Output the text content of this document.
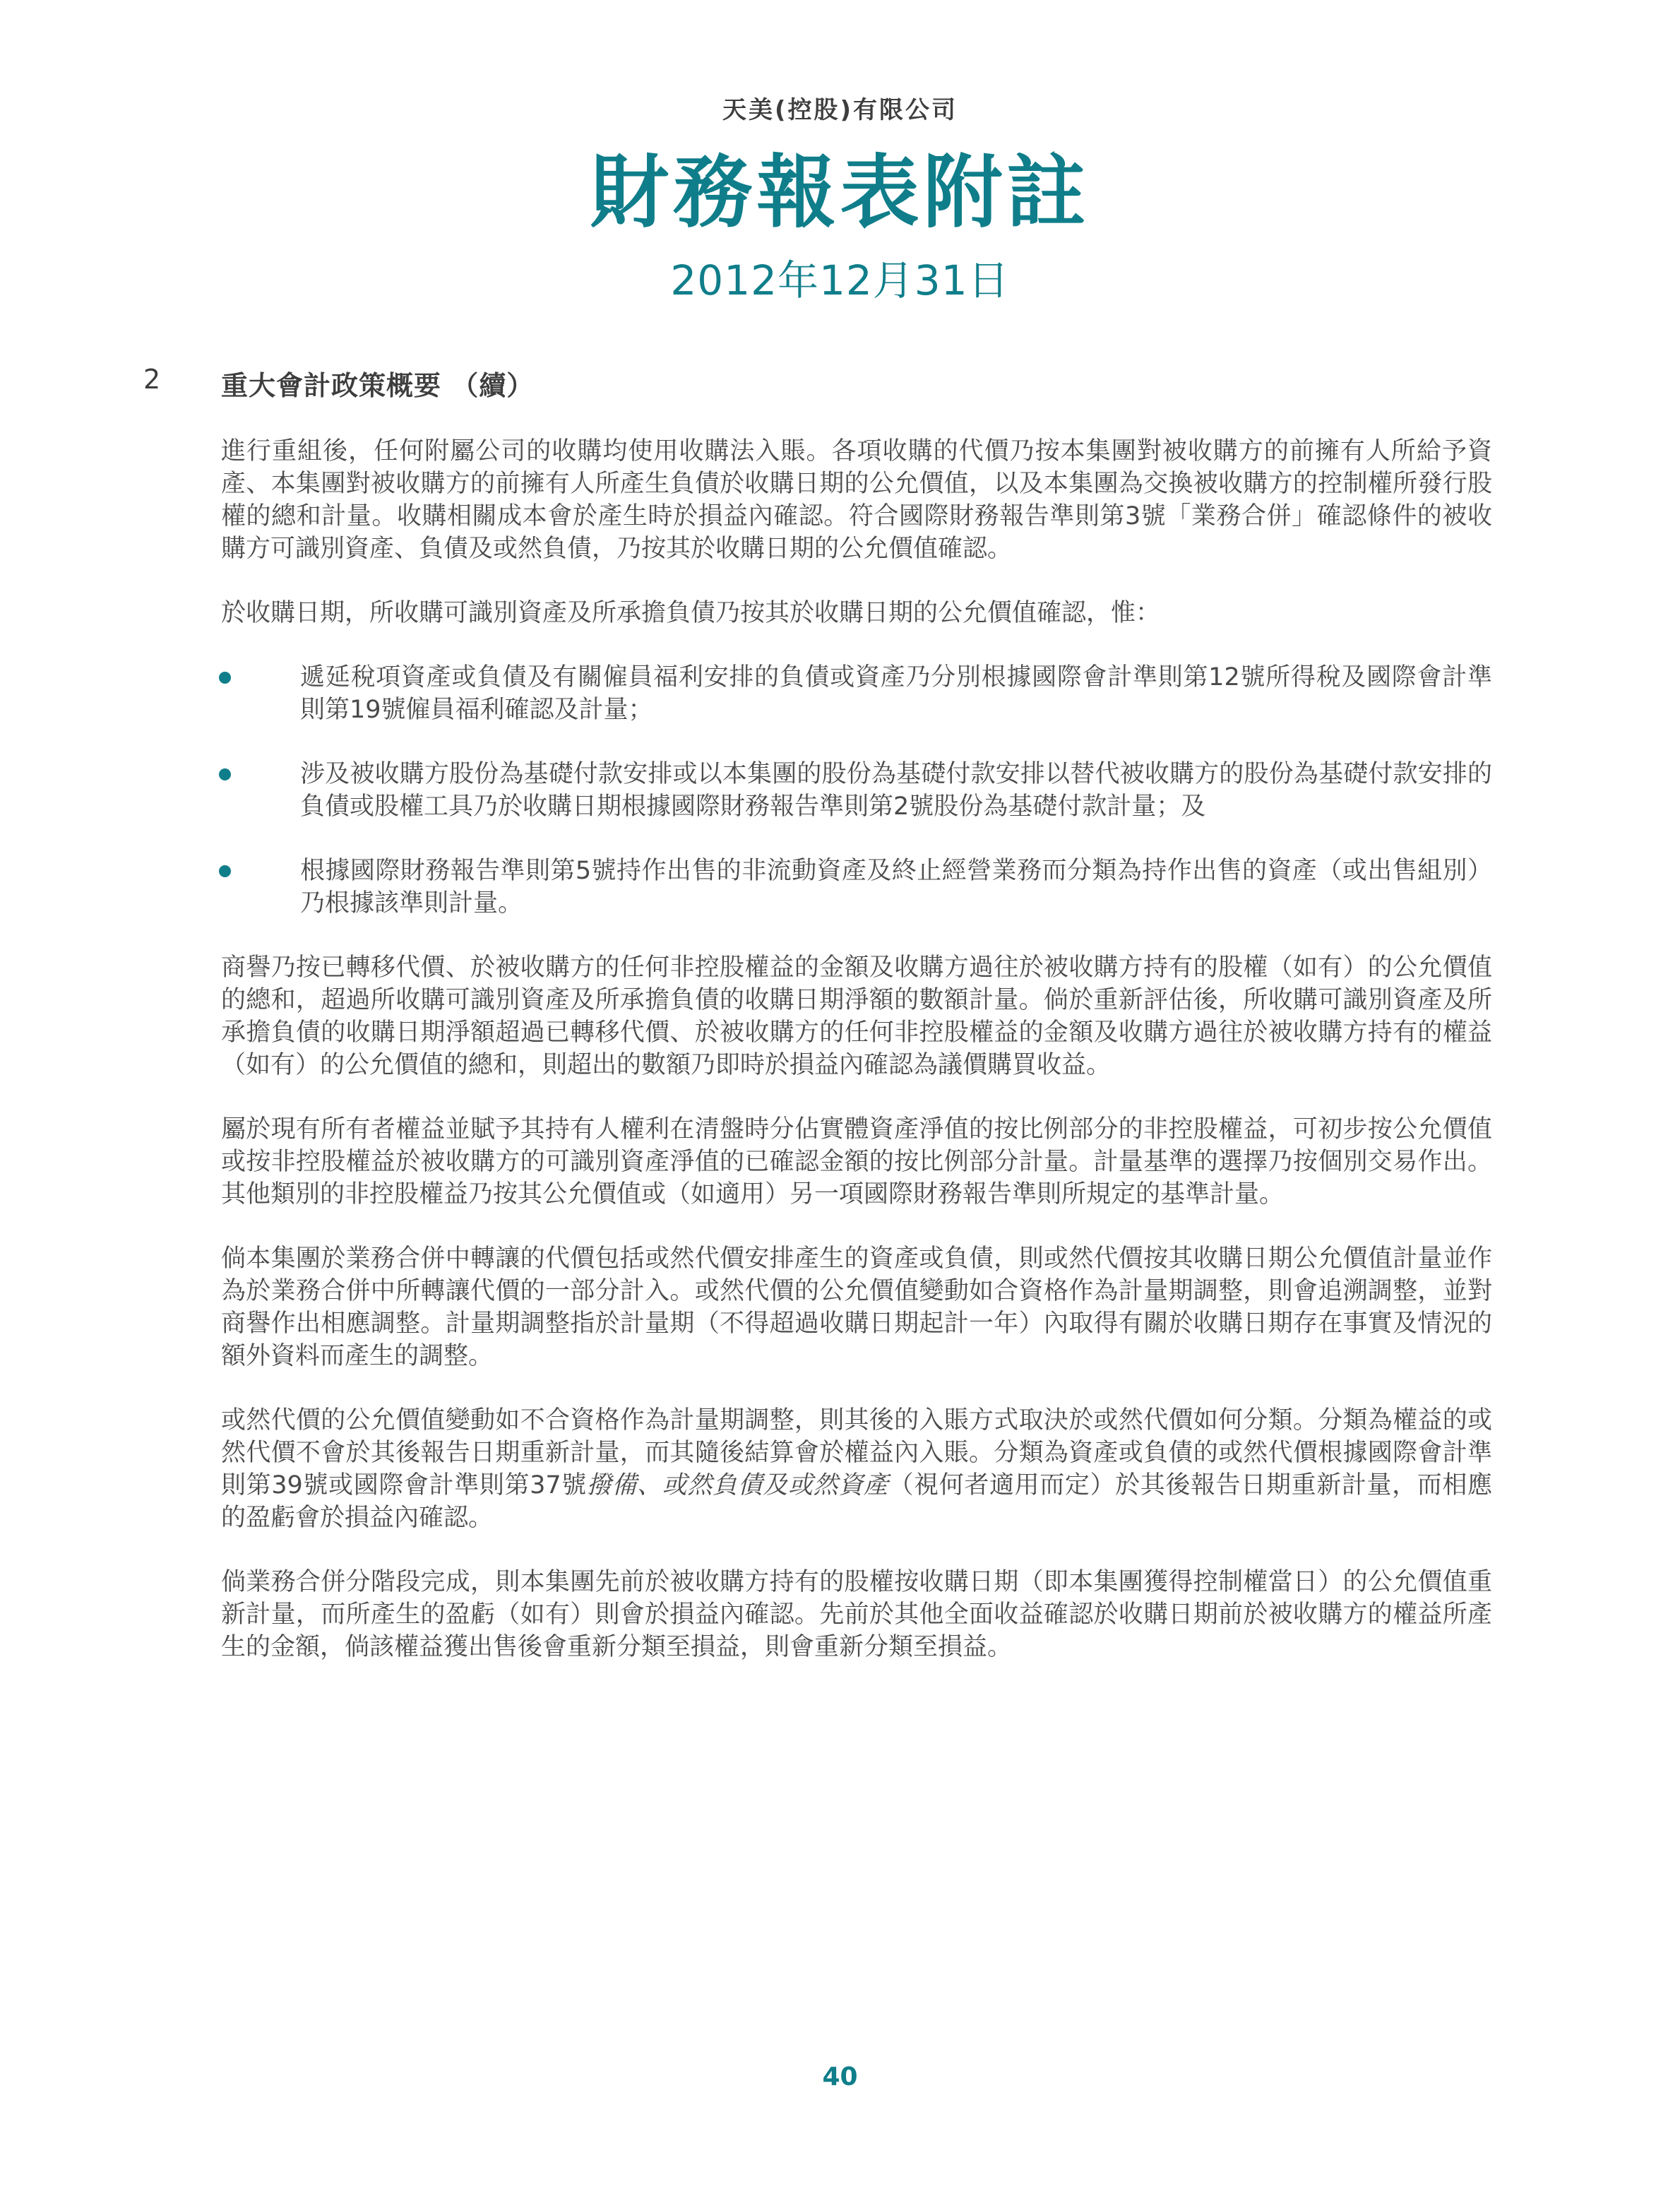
天美(控股)有限公司
財務報表附註
2012年12月31日
2 重大會計政策概要 （續）

進行重組後，任何附屬公司的收購均使用收購法入賬。各項收購的代價乃按本集團對被收購方的前擁有人所給予資產、本集團對被收購方的前擁有人所產生負債於收購日期的公允價值，以及本集團為交換被收購方的控制權所發行股權的總和計量。收購相關成本會於產生時於損益內確認。符合國際財務報告準則第3號「業務合併」確認條件的被收購方可識別資產、負債及或然負債，乃按其於收購日期的公允價值確認。

於收購日期，所收購可識別資產及所承擔負債乃按其於收購日期的公允價值確認，惟：

遞延稅項資產或負債及有關僱員福利安排的負債或資產乃分別根據國際會計準則第12號所得稅及國際會計準則第19號僱員福利確認及計量；
涉及被收購方股份為基礎付款安排或以本集團的股份為基礎付款安排以替代被收購方的股份為基礎付款安排的負債或股權工具乃於收購日期根據國際財務報告準則第2號股份為基礎付款計量；及
根據國際財務報告準則第5號持作出售的非流動資產及終止經營業務而分類為持作出售的資產（或出售組別）乃根據該準則計量。

商譽乃按已轉移代價、於被收購方的任何非控股權益的金額及收購方過往於被收購方持有的股權（如有）的公允價值的總和，超過所收購可識別資產及所承擔負債的收購日期淨額的數額計量。倘於重新評估後，所收購可識別資產及所承擔負債的收購日期淨額超過已轉移代價、於被收購方的任何非控股權益的金額及收購方過往於被收購方持有的權益（如有）的公允價值的總和，則超出的數額乃即時於損益內確認為議價購買收益。

屬於現有所有者權益並賦予其持有人權利在清盤時分佔實體資產淨值的按比例部分的非控股權益，可初步按公允價值或按非控股權益於被收購方的可識別資產淨值的已確認金額的按比例部分計量。計量基準的選擇乃按個別交易作出。其他類別的非控股權益乃按其公允價值或（如適用）另一項國際財務報告準則所規定的基準計量。

倘本集團於業務合併中轉讓的代價包括或然代價安排產生的資產或負債，則或然代價按其收購日期公允價值計量並作為於業務合併中所轉讓代價的一部分計入。或然代價的公允價值變動如合資格作為計量期調整，則會追溯調整，並對商譽作出相應調整。計量期調整指於計量期（不得超過收購日期起計一年）內取得有關於收購日期存在事實及情況的額外資料而產生的調整。

或然代價的公允價值變動如不合資格作為計量期調整，則其後的入賬方式取決於或然代價如何分類。分類為權益的或然代價不會於其後報告日期重新計量，而其隨後結算會於權益內入賬。分類為資產或負債的或然代價根據國際會計準則第39號或國際會計準則第37號撥備、或然負債及或然資產（視何者適用而定）於其後報告日期重新計量，而相應的盈虧會於損益內確認。

倘業務合併分階段完成，則本集團先前於被收購方持有的股權按收購日期（即本集團獲得控制權當日）的公允價值重新計量，而所產生的盈虧（如有）則會於損益內確認。先前於其他全面收益確認於收購日期前於被收購方的權益所產生的金額，倘該權益獲出售後會重新分類至損益，則會重新分類至損益。

40
